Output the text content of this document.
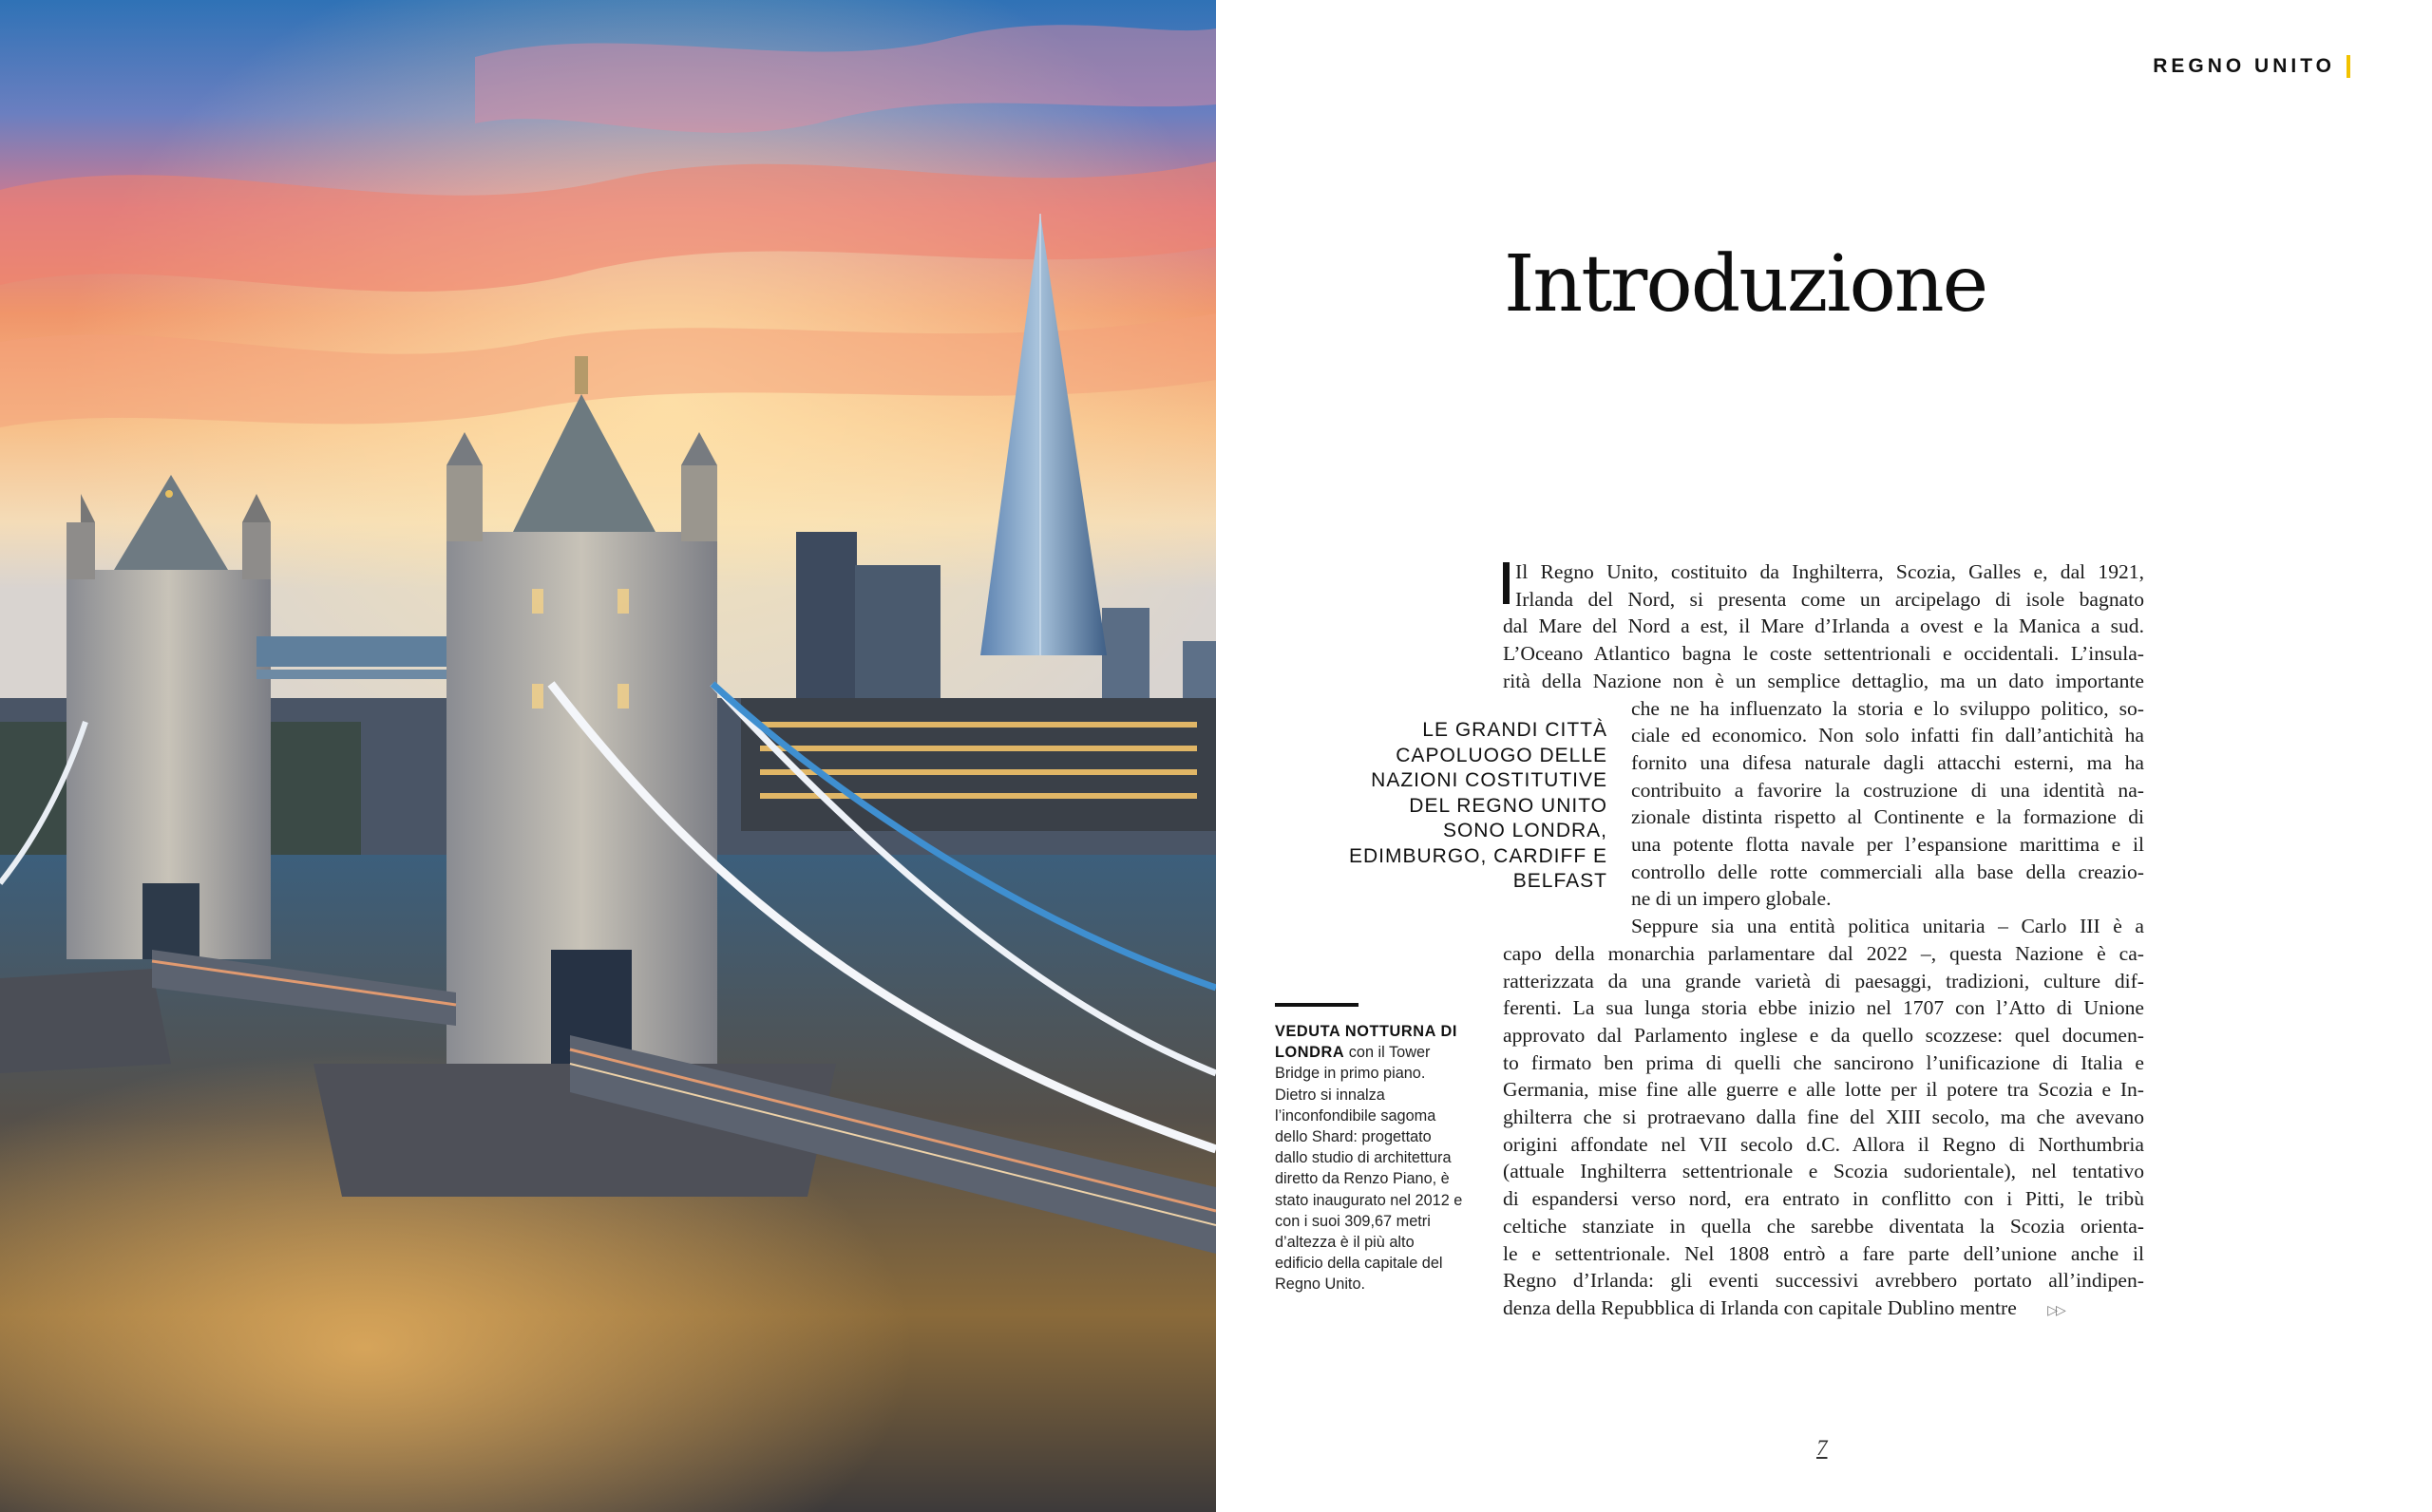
REGNO UNITO
Introduzione
LE GRANDI CITTÀ CAPOLUOGO DELLE NAZIONI COSTITUTIVE DEL REGNO UNITO SONO LONDRA, EDIMBURGO, CARDIFF E BELFAST
VEDUTA NOTTURNA DI LONDRA con il Tower Bridge in primo piano. Dietro si innalza l’inconfondibile sagoma dello Shard: progettato dallo studio di architettura diretto da Renzo Piano, è stato inaugurato nel 2012 e con i suoi 309,67 metri d’altezza è il più alto edificio della capitale del Regno Unito.
Il Regno Unito, costituito da Inghilterra, Scozia, Galles e, dal 1921,
Irlanda del Nord, si presenta come un arcipelago di isole bagnato
dal Mare del Nord a est, il Mare d’Irlanda a ovest e la Manica a sud.
L’Oceano Atlantico bagna le coste settentrionali e occidentali. L’insula-
rità della Nazione non è un semplice dettaglio, ma un dato importante
che ne ha influenzato la storia e lo sviluppo politico, so-
ciale ed economico. Non solo infatti fin dall’antichità ha
fornito una difesa naturale dagli attacchi esterni, ma ha
contribuito a favorire la costruzione di una identità na-
zionale distinta rispetto al Continente e la formazione di
una potente flotta navale per l’espansione marittima e il
controllo delle rotte commerciali alla base della creazio-
ne di un impero globale.
Seppure sia una entità politica unitaria – Carlo III è a
capo della monarchia parlamentare dal 2022 –, questa Nazione è ca-
ratterizzata da una grande varietà di paesaggi, tradizioni, culture dif-
ferenti. La sua lunga storia ebbe inizio nel 1707 con l’Atto di Unione
approvato dal Parlamento inglese e da quello scozzese: quel documen-
to firmato ben prima di quelli che sancirono l’unificazione di Italia e
Germania, mise fine alle guerre e alle lotte per il potere tra Scozia e In-
ghilterra che si protraevano dalla fine del XIII secolo, ma che avevano
origini affondate nel VII secolo d.C. Allora il Regno di Northumbria
(attuale Inghilterra settentrionale e Scozia sudorientale), nel tentativo
di espandersi verso nord, era entrato in conflitto con i Pitti, le tribù
celtiche stanziate in quella che sarebbe diventata la Scozia orienta-
le e settentrionale. Nel 1808 entrò a fare parte dell’unione anche il
Regno d’Irlanda: gli eventi successivi avrebbero portato all’indipen-
denza della Repubblica di Irlanda con capitale Dublino mentre ▷▷
7
